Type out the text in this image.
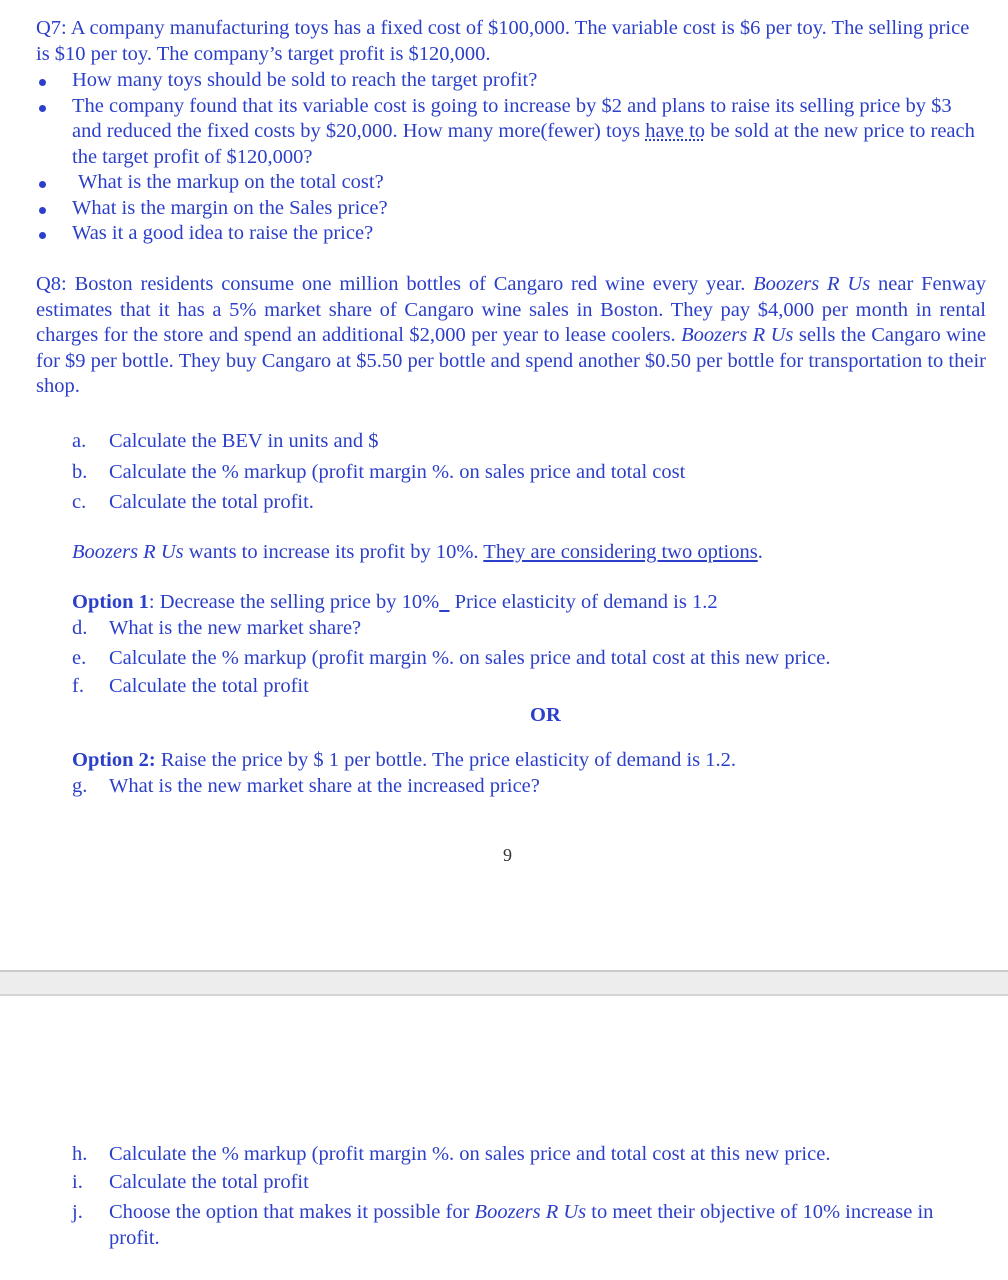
Q7: A company manufacturing toys has a fixed cost of $100,000. The variable cost is $6 per toy. The selling price is $10 per toy. The company’s target profit is $120,000.
How many toys should be sold to reach the target profit?
The company found that its variable cost is going to increase by $2 and plans to raise its selling price by $3 and reduced the fixed costs by $20,000. How many more(fewer) toys have to be sold at the new price to reach the target profit of $120,000?
What is the markup on the total cost?
What is the margin on the Sales price?
Was it a good idea to raise the price?
Q8: Boston residents consume one million bottles of Cangaro red wine every year. Boozers R Us near Fenway estimates that it has a 5% market share of Cangaro wine sales in Boston. They pay $4,000 per month in rental charges for the store and spend an additional $2,000 per year to lease coolers. Boozers R Us sells the Cangaro wine for $9 per bottle. They buy Cangaro at $5.50 per bottle and spend another $0.50 per bottle for transportation to their shop.
a. Calculate the BEV in units and $
b. Calculate the % markup (profit margin %. on sales price and total cost
c. Calculate the total profit.
Boozers R Us wants to increase its profit by 10%. They are considering two options.
Option 1: Decrease the selling price by 10% Price elasticity of demand is 1.2
d. What is the new market share?
e. Calculate the % markup (profit margin %. on sales price and total cost at this new price.
f. Calculate the total profit
OR
Option 2: Raise the price by $ 1 per bottle. The price elasticity of demand is 1.2.
g. What is the new market share at the increased price?
9
h. Calculate the % markup (profit margin %. on sales price and total cost at this new price.
i. Calculate the total profit
j. Choose the option that makes it possible for Boozers R Us to meet their objective of 10% increase in profit.
